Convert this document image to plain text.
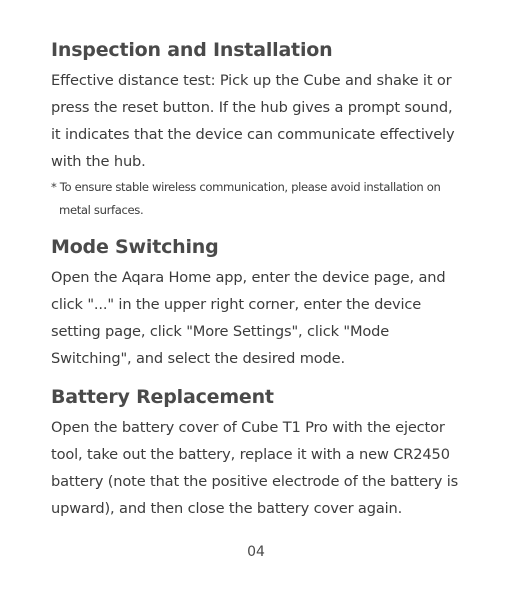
Inspection and Installation

Effective distance test: Pick up the Cube and shake it or
press the reset button. If the hub gives a prompt sound,
it indicates that the device can communicate effectively
with the hub.

* To ensure stable wireless communication, please avoid installation on
metal surfaces.

Mode Switching

Open the Aqara Home app, enter the device page, and
click "..." in the upper right corner, enter the device
setting page, click "More Settings", click "Mode
Switching", and select the desired mode.

Battery Replacement

Open the battery cover of Cube T1 Pro with the ejector
tool, take out the battery, replace it with a new CR2450
battery (note that the positive electrode of the battery is
upward), and then close the battery cover again.

04
